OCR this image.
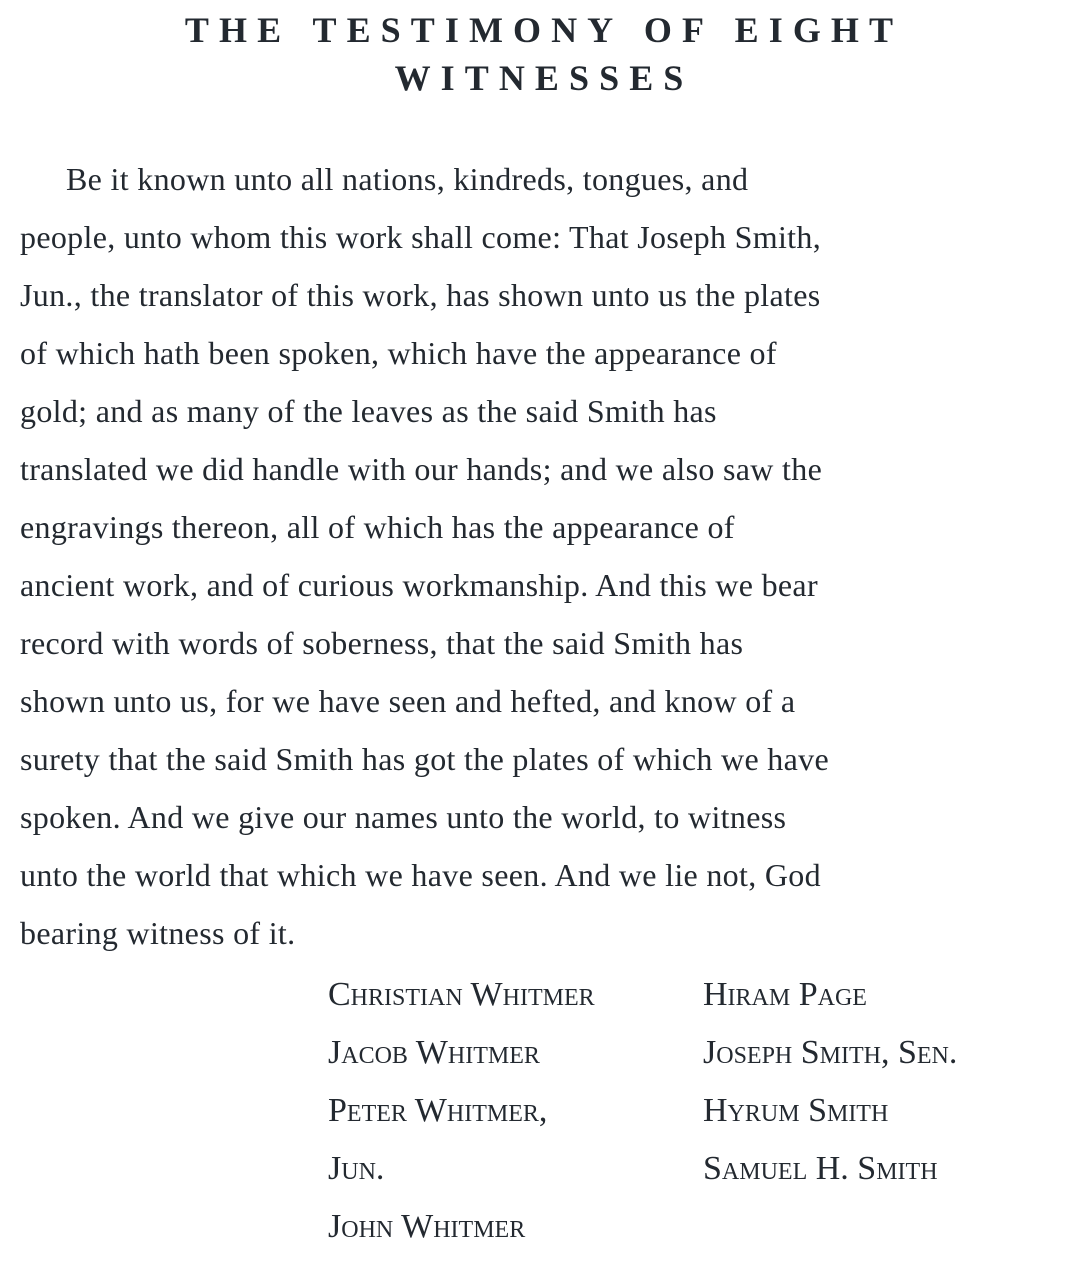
THE TESTIMONY OF EIGHT WITNESSES
Be it known unto all nations, kindreds, tongues, and
people, unto whom this work shall come: That Joseph Smith,
Jun., the translator of this work, has shown unto us the plates
of which hath been spoken, which have the appearance of
gold; and as many of the leaves as the said Smith has
translated we did handle with our hands; and we also saw the
engravings thereon, all of which has the appearance of
ancient work, and of curious workmanship. And this we bear
record with words of soberness, that the said Smith has
shown unto us, for we have seen and hefted, and know of a
surety that the said Smith has got the plates of which we have
spoken. And we give our names unto the world, to witness
unto the world that which we have seen. And we lie not, God
bearing witness of it.
Christian Whitmer
Jacob Whitmer
Peter Whitmer,
Jun.
John Whitmer
Hiram Page
Joseph Smith, Sen.
Hyrum Smith
Samuel H. Smith
